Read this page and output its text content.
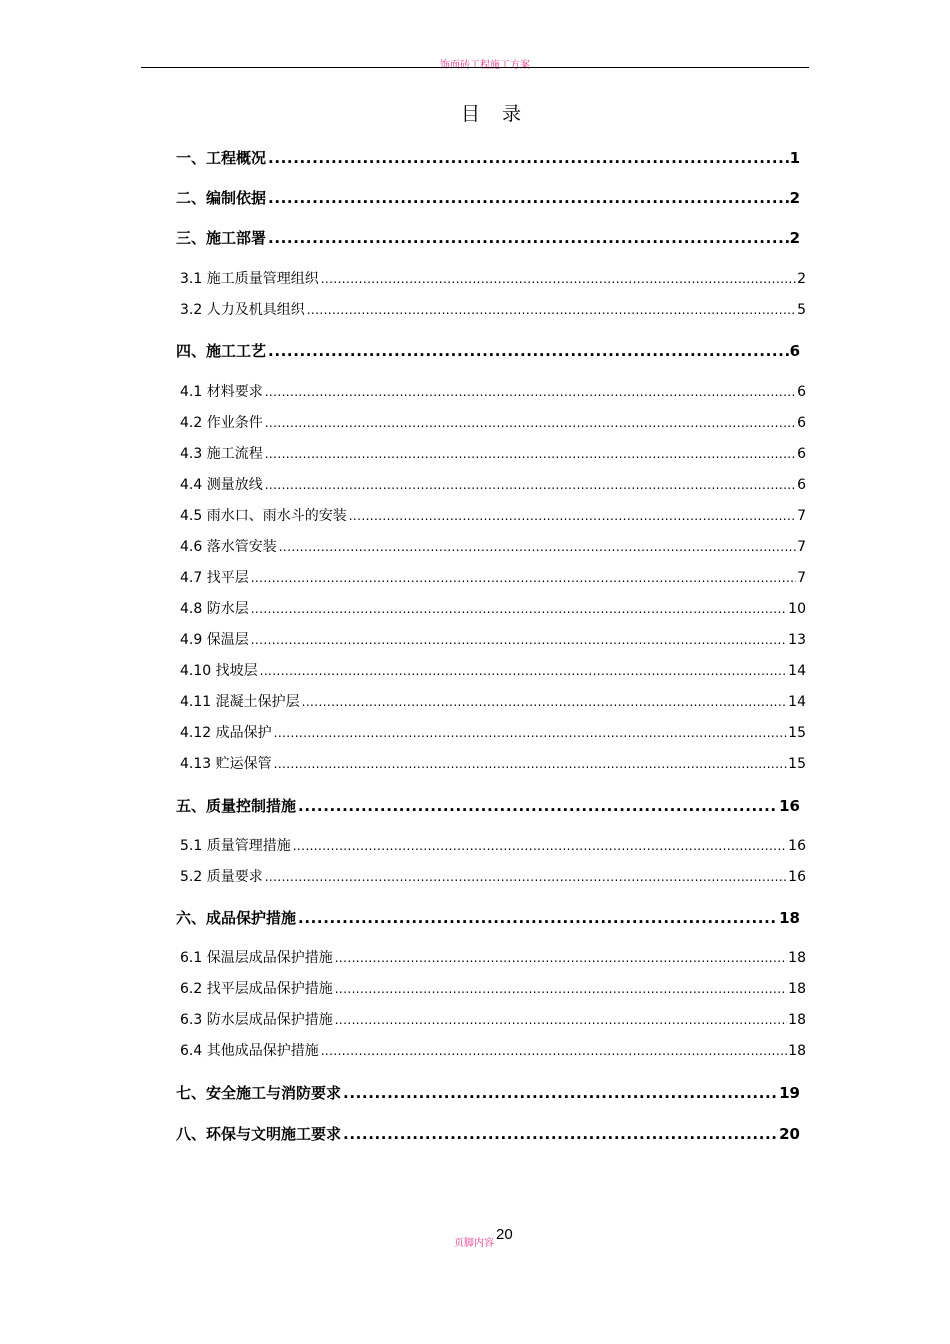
饰面砖工程施工方案
目 录
一、工程概况 .....	1
二、编制依据 .....	2
三、施工部署 .....	2
3.1 施工质量管理组织 .....	2
3.2 人力及机具组织 .....	5
四、施工工艺 .....	6
4.1 材料要求 .....	6
4.2 作业条件 .....	6
4.3 施工流程 .....	6
4.4 测量放线 .....	6
4.5 雨水口、雨水斗的安装 .....	7
4.6 落水管安装 .....	7
4.7 找平层 .....	7
4.8 防水层 .....	10
4.9 保温层 .....	13
4.10 找坡层 .....	14
4.11 混凝土保护层 .....	14
4.12 成品保护 .....	15
4.13 贮运保管 .....	15
五、质量控制措施 .....	16
5.1 质量管理措施 .....	16
5.2 质量要求 .....	16
六、成品保护措施 .....	18
6.1 保温层成品保护措施 .....	18
6.2 找平层成品保护措施 .....	18
6.3 防水层成品保护措施 .....	18
6.4 其他成品保护措施 .....	18
七、安全施工与消防要求 .....	19
八、环保与文明施工要求 .....	20
20
页脚内容
